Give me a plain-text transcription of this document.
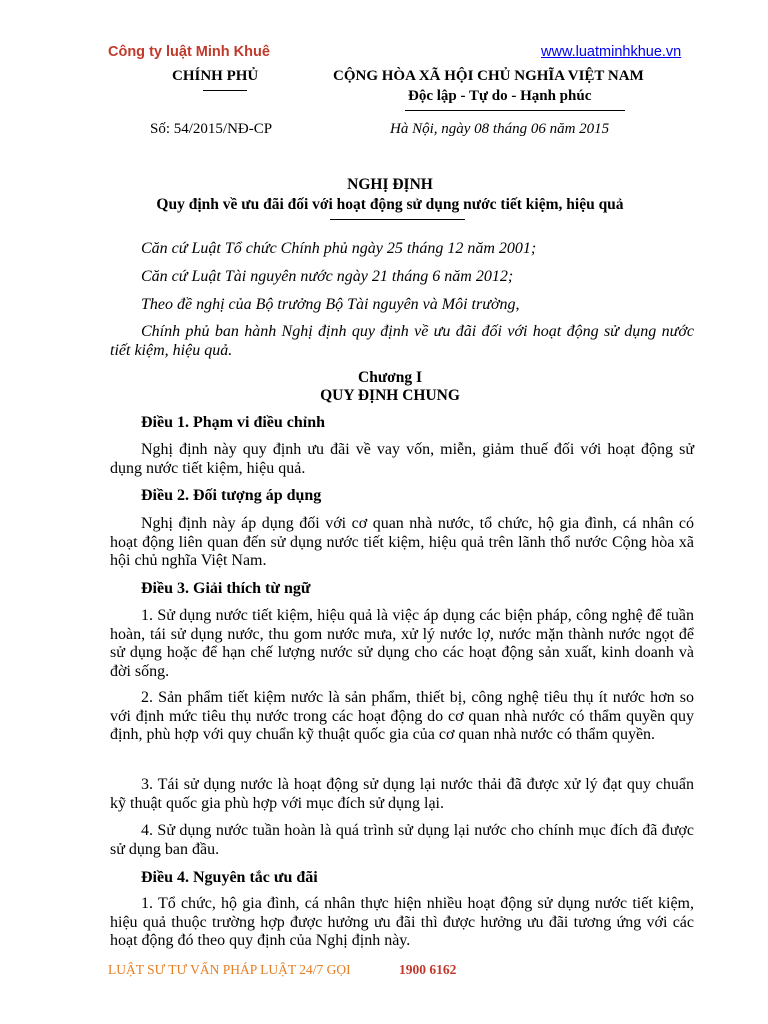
Công ty luật Minh Khuê	www.luatminhkhue.vn
CHÍNH PHỦ	CỘNG HÒA XÃ HỘI CHỦ NGHĨA VIỆT NAM
Độc lập - Tự do - Hạnh phúc
Số: 54/2015/NĐ-CP	Hà Nội, ngày 08 tháng 06 năm 2015
NGHỊ ĐỊNH
Quy định về ưu đãi đối với hoạt động sử dụng nước tiết kiệm, hiệu quả

Căn cứ Luật Tổ chức Chính phủ ngày 25 tháng 12 năm 2001;

Căn cứ Luật Tài nguyên nước ngày 21 tháng 6 năm 2012;

Theo đề nghị của Bộ trưởng Bộ Tài nguyên và Môi trường,

Chính phủ ban hành Nghị định quy định về ưu đãi đối với hoạt động sử dụng nước tiết kiệm, hiệu quả.

Chương I
QUY ĐỊNH CHUNG
Điều 1. Phạm vi điều chỉnh

Nghị định này quy định ưu đãi về vay vốn, miễn, giảm thuế đối với hoạt động sử dụng nước tiết kiệm, hiệu quả.

Điều 2. Đối tượng áp dụng

Nghị định này áp dụng đối với cơ quan nhà nước, tổ chức, hộ gia đình, cá nhân có hoạt động liên quan đến sử dụng nước tiết kiệm, hiệu quả trên lãnh thổ nước Cộng hòa xã hội chủ nghĩa Việt Nam.

Điều 3. Giải thích từ ngữ

1. Sử dụng nước tiết kiệm, hiệu quả là việc áp dụng các biện pháp, công nghệ để tuần hoàn, tái sử dụng nước, thu gom nước mưa, xử lý nước lợ, nước mặn thành nước ngọt để sử dụng hoặc để hạn chế lượng nước sử dụng cho các hoạt động sản xuất, kinh doanh và đời sống.

2. Sản phẩm tiết kiệm nước là sản phẩm, thiết bị, công nghệ tiêu thụ ít nước hơn so với định mức tiêu thụ nước trong các hoạt động do cơ quan nhà nước có thẩm quyền quy định, phù hợp với quy chuẩn kỹ thuật quốc gia của cơ quan nhà nước có thẩm quyền.

3. Tái sử dụng nước là hoạt động sử dụng lại nước thải đã được xử lý đạt quy chuẩn kỹ thuật quốc gia phù hợp với mục đích sử dụng lại.

4. Sử dụng nước tuần hoàn là quá trình sử dụng lại nước cho chính mục đích đã được sử dụng ban đầu.

Điều 4. Nguyên tắc ưu đãi

1. Tổ chức, hộ gia đình, cá nhân thực hiện nhiều hoạt động sử dụng nước tiết kiệm, hiệu quả thuộc trường hợp được hưởng ưu đãi thì được hưởng ưu đãi tương ứng với các hoạt động đó theo quy định của Nghị định này.

LUẬT SƯ TƯ VẤN PHÁP LUẬT 24/7 GỌI	1900 6162
